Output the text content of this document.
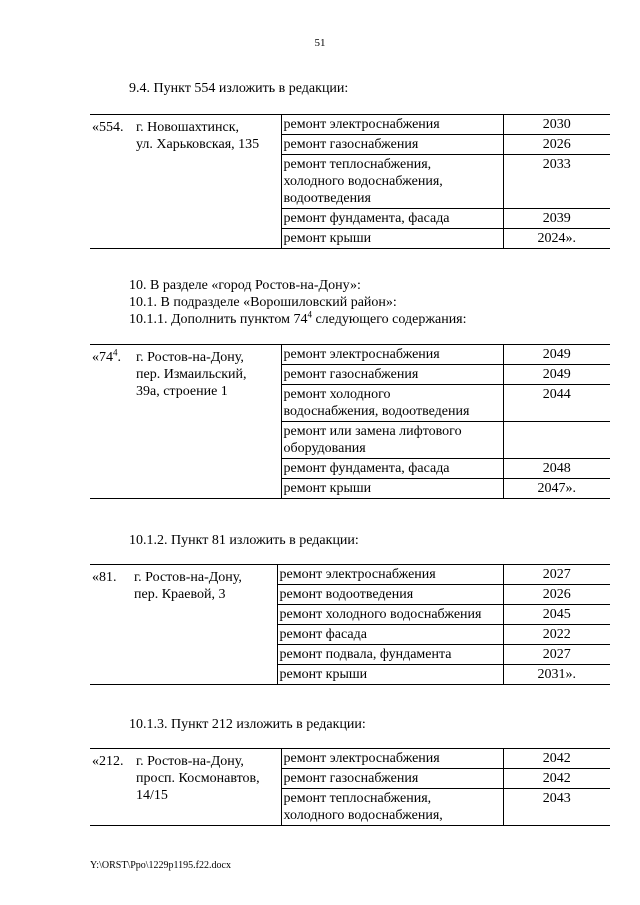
51
9.4. Пункт 554 изложить в редакции:
«554.	г. Новошахтинск,
ул. Харьковская, 135	ремонт электроснабжения	2030
		ремонт газоснабжения	2026
		ремонт теплоснабжения,
холодного водоснабжения,
водоотведения	2033
		ремонт фундамента, фасада	2039
		ремонт крыши	2024».
10. В разделе «город Ростов-на-Дону»:
10.1. В подразделе «Ворошиловский район»:
10.1.1. Дополнить пунктом $74^4$ следующего содержания:
«$74^4$.	г. Ростов-на-Дону,
пер. Измаильский,
39а, строение 1	ремонт электроснабжения	2049
		ремонт газоснабжения	2049
		ремонт холодного
водоснабжения, водоотведения	2044
		ремонт или замена лифтового
оборудования	
		ремонт фундамента, фасада	2048
		ремонт крыши	2047».
10.1.2. Пункт 81 изложить в редакции:
«81.	г. Ростов-на-Дону,
пер. Краевой, 3	ремонт электроснабжения	2027
		ремонт водоотведения	2026
		ремонт холодного водоснабжения	2045
		ремонт фасада	2022
		ремонт подвала, фундамента	2027
		ремонт крыши	2031».
10.1.3. Пункт 212 изложить в редакции:
«212.	г. Ростов-на-Дону,
просп. Космонавтов,
14/15	ремонт электроснабжения	2042
		ремонт газоснабжения	2042
		ремонт теплоснабжения,
холодного водоснабжения,	2043
Y:\ORST\Ppo\1229p1195.f22.docx
